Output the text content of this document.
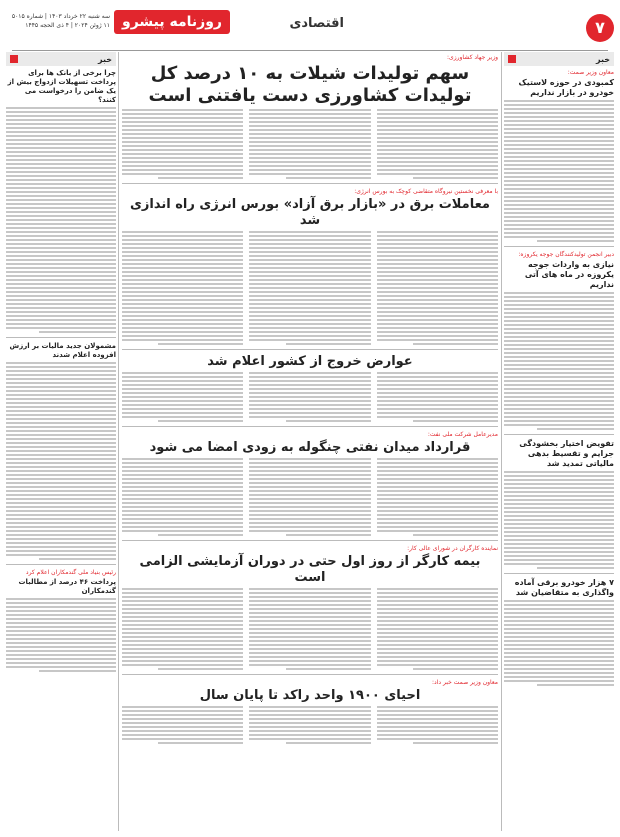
۷
اقتصادی
روزنامه پیشرو
سه شنبه ۲۲ خرداد ۱۴۰۳ | شماره ۵۰۱۵
۱۱ ژوئن ۲۰۲۴ | ۴ ذی الحجه ۱۴۴۵
خبر
معاون وزیر صمت:
کمبودی در حوزه لاستیک خودرو در بازار نداریم
دبیر انجمن تولیدکنندگان جوجه یکروزه:
نیازی به واردات جوجه یکروزه در ماه های آتی نداریم
تفویض اختیار بخشودگی جرایم و تقسیط بدهی مالیاتی تمدید شد
۷ هزار خودرو برقی آماده واگذاری به متقاضیان شد
خبر
چرا برخی از بانک ها برای پرداخت تسهیلات ازدواج بیش از یک ضامن را درخواست می کنند؟
مشمولان جدید مالیات بر ارزش افزوده اعلام شدند
رئیس بنیاد ملی گندمکاران اعلام کرد
پرداخت ۴۶ درصد از مطالبات گندمکاران
وزیر جهاد کشاورزی:
سهم تولیدات شیلات به ۱۰ درصد کل تولیدات کشاورزی دست یافتنی است
با معرفی نخستین نیروگاه متقاضی کوچک به بورس انرژی:
معاملات برق در «بازار برق آزاد» بورس انرژی راه اندازی شد
عوارض خروج از کشور اعلام شد
مدیرعامل شرکت ملی نفت:
قرارداد میدان نفتی چنگوله به زودی امضا می شود
نماینده کارگران در شورای عالی کار:
بیمه کارگر از روز اول حتی در دوران آزمایشی الزامی است
معاون وزیر صمت خبر داد:
احیای ۱۹۰۰ واحد راکد تا پایان سال
